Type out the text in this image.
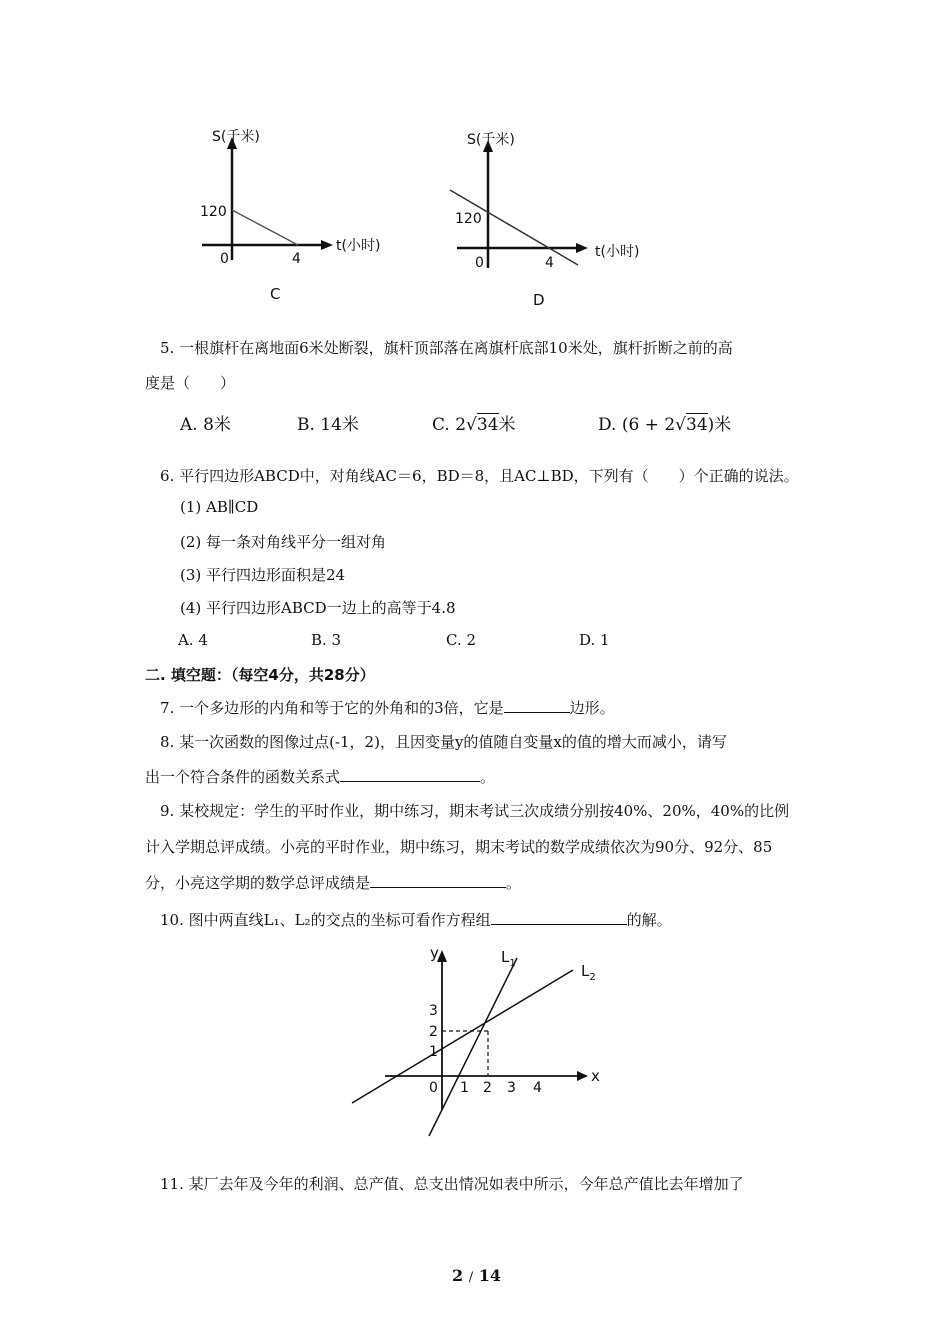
S(千米)
t(小时)
120
0	4
C
S(千米)
t(小时)
120
0	4
D
5. 一根旗杆在离地面6米处断裂，旗杆顶部落在离旗杆底部10米处，旗杆折断之前的高
度是（　　）
A. 8米	B. 14米	C. 2√34米	D. (6 + 2√34)米
6. 平行四边形ABCD中，对角线AC＝6，BD＝8，且AC⊥BD，下列有（　　）个正确的说法。
(1) AB∥CD
(2) 每一条对角线平分一组对角
(3) 平行四边形面积是24
(4) 平行四边形ABCD一边上的高等于4.8
A. 4	B. 3	C. 2	D. 1
二. 填空题：（每空4分，共28分）
7. 一个多边形的内角和等于它的外角和的3倍，它是	边形。
8. 某一次函数的图像过点(-1，2)，且因变量y的值随自变量x的值的增大而减小，请写
出一个符合条件的函数关系式	。
9. 某校规定：学生的平时作业，期中练习，期末考试三次成绩分别按40%、20%，40%的比例
计入学期总评成绩。小亮的平时作业，期中练习，期末考试的数学成绩依次为90分、92分、85
分，小亮这学期的数学总评成绩是	。
10. 图中两直线L₁、L₂的交点的坐标可看作方程组	的解。
y
x
0 1 2 3 4
1
2
3
$L_1$	$L_2$
11. 某厂去年及今年的利润、总产值、总支出情况如表中所示，今年总产值比去年增加了
2 / 14
